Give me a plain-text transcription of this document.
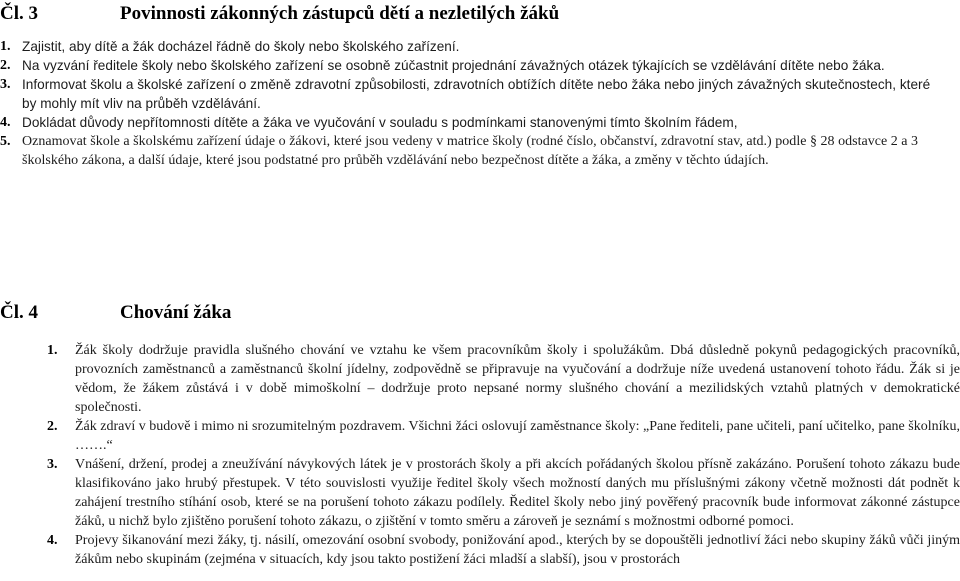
Čl. 3	Povinnosti zákonných zástupců dětí a nezletilých žáků
1. Zajistit, aby dítě a žák docházel řádně do školy nebo školského zařízení.
2. Na vyzvání ředitele školy nebo školského zařízení se osobně zúčastnit projednání závažných otázek týkajících se vzdělávání dítěte nebo žáka.
3. Informovat školu a školské zařízení o změně zdravotní způsobilosti, zdravotních obtížích dítěte nebo žáka nebo jiných závažných skutečnostech, které by mohly mít vliv na průběh vzdělávání.
4. Dokládat důvody nepřítomnosti dítěte a žáka ve vyučování v souladu s podmínkami stanovenými tímto školním řádem,
5. Oznamovat škole a školskému zařízení údaje o žákovi, které jsou vedeny v matrice školy (rodné číslo, občanství, zdravotní stav, atd.) podle § 28 odstavce 2 a 3 školského zákona, a další údaje, které jsou podstatné pro průběh vzdělávání nebo bezpečnost dítěte a žáka, a změny v těchto údajích.
Čl. 4	Chování žáka
1.	Žák školy dodržuje pravidla slušného chování ve vztahu ke všem pracovníkům školy i spolužákům. Dbá důsledně pokynů pedagogických pracovníků, provozních zaměstnanců a zaměstnanců školní jídelny, zodpovědně se připravuje na vyučování a dodržuje níže uvedená ustanovení tohoto řádu. Žák si je vědom, že žákem zůstává i v době mimoškolní – dodržuje proto nepsané normy slušného chování a mezilidských vztahů platných v demokratické společnosti.
2.	Žák zdraví v budově i mimo ni srozumitelným pozdravem. Všichni žáci oslovují zaměstnance školy: „Pane řediteli, pane učiteli, paní učitelko, pane školníku, …….“
3.	Vnášení, držení, prodej a zneužívání návykových látek je v prostorách školy a při akcích pořádaných školou přísně zakázáno. Porušení tohoto zákazu bude klasifikováno jako hrubý přestupek. V této souvislosti využije ředitel školy všech možností daných mu příslušnými zákony včetně možnosti dát podnět k zahájení trestního stíhání osob, které se na porušení tohoto zákazu podílely. Ředitel školy nebo jiný pověřený pracovník bude informovat zákonné zástupce žáků, u nichž bylo zjištěno porušení tohoto zákazu, o zjištění v tomto směru a zároveň je seznámí s možnostmi odborné pomoci.
4.	Projevy šikanování mezi žáky, tj. násilí, omezování osobní svobody, ponižování apod., kterých by se dopouštěli jednotliví žáci nebo skupiny žáků vůči jiným žákům nebo skupinám (zejména v situacích, kdy jsou takto postižení žáci mladší a slabší), jsou v prostorách
